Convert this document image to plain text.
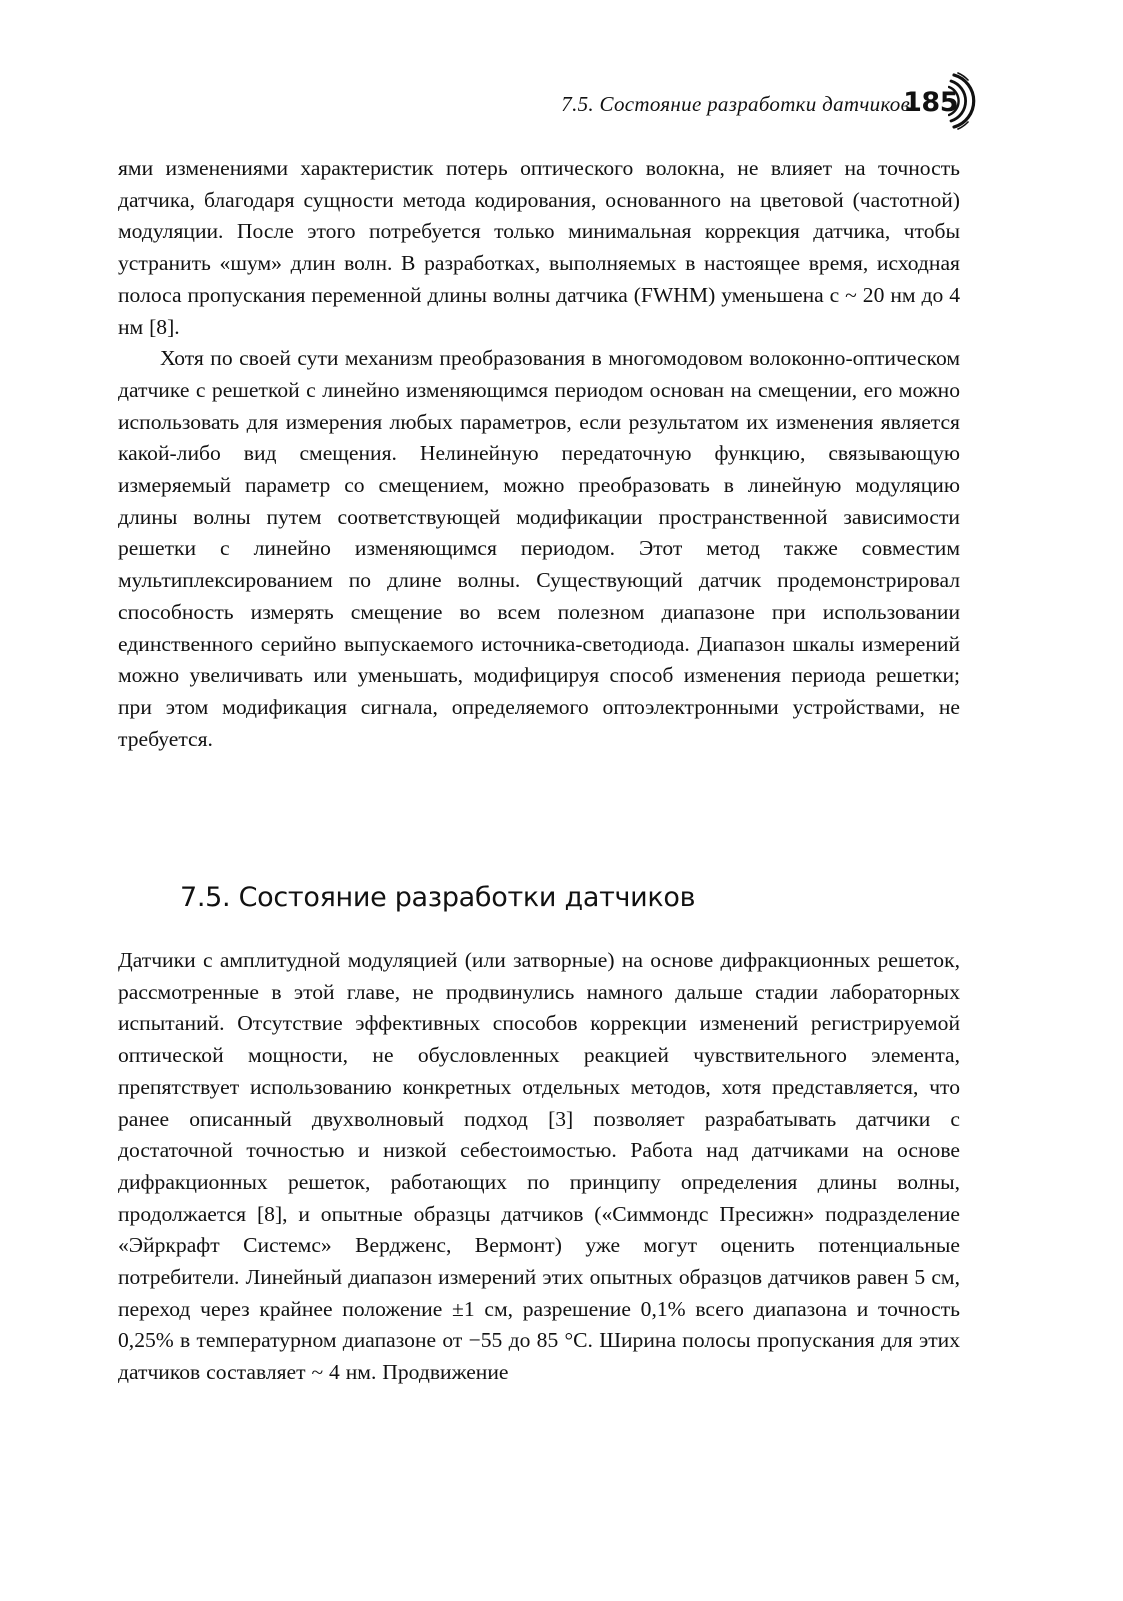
7.5. Состояние разработки датчиков
185

ями изменениями характеристик потерь оптического волокна, не влияет на точность датчика, благодаря сущности метода кодирования, основанного на цветовой (частотной) модуляции. После этого потребуется только минимальная коррекция датчика, чтобы устранить «шум» длин волн. В разработках, выполняемых в настоящее время, исходная полоса пропускания переменной длины волны датчика (FWHM) уменьшена с ~ 20 нм до 4 нм [8].

Хотя по своей сути механизм преобразования в многомодовом волоконно-оптическом датчике с решеткой с линейно изменяющимся периодом основан на смещении, его можно использовать для измерения любых параметров, если результатом их изменения является какой-либо вид смещения. Нелинейную передаточную функцию, связывающую измеряемый параметр со смещением, можно преобразовать в линейную модуляцию длины волны путем соответствующей модификации пространственной зависимости решетки с линейно изменяющимся периодом. Этот метод также совместим мультиплексированием по длине волны. Существующий датчик продемонстрировал способность измерять смещение во всем полезном диапазоне при использовании единственного серийно выпускаемого источника-светодиода. Диапазон шкалы измерений можно увеличивать или уменьшать, модифицируя способ изменения периода решетки; при этом модификация сигнала, определяемого оптоэлектронными устройствами, не требуется.

7.5. Состояние разработки датчиков

Датчики с амплитудной модуляцией (или затворные) на основе дифракционных решеток, рассмотренные в этой главе, не продвинулись намного дальше стадии лабораторных испытаний. Отсутствие эффективных способов коррекции изменений регистрируемой оптической мощности, не обусловленных реакцией чувствительного элемента, препятствует использованию конкретных отдельных методов, хотя представляется, что ранее описанный двухволновый подход [3] позволяет разрабатывать датчики с достаточной точностью и низкой себестоимостью. Работа над датчиками на основе дифракционных решеток, работающих по принципу определения длины волны, продолжается [8], и опытные образцы датчиков («Симмондс Пресижн» подразделение «Эйркрафт Системс» Вердженс, Вермонт) уже могут оценить потенциальные потребители. Линейный диапазон измерений этих опытных образцов датчиков равен 5 см, переход через крайнее положение ±1 см, разрешение 0,1% всего диапазона и точность 0,25% в температурном диапазоне от −55 до 85 °С. Ширина полосы пропускания для этих датчиков составляет ~ 4 нм. Продвижение
